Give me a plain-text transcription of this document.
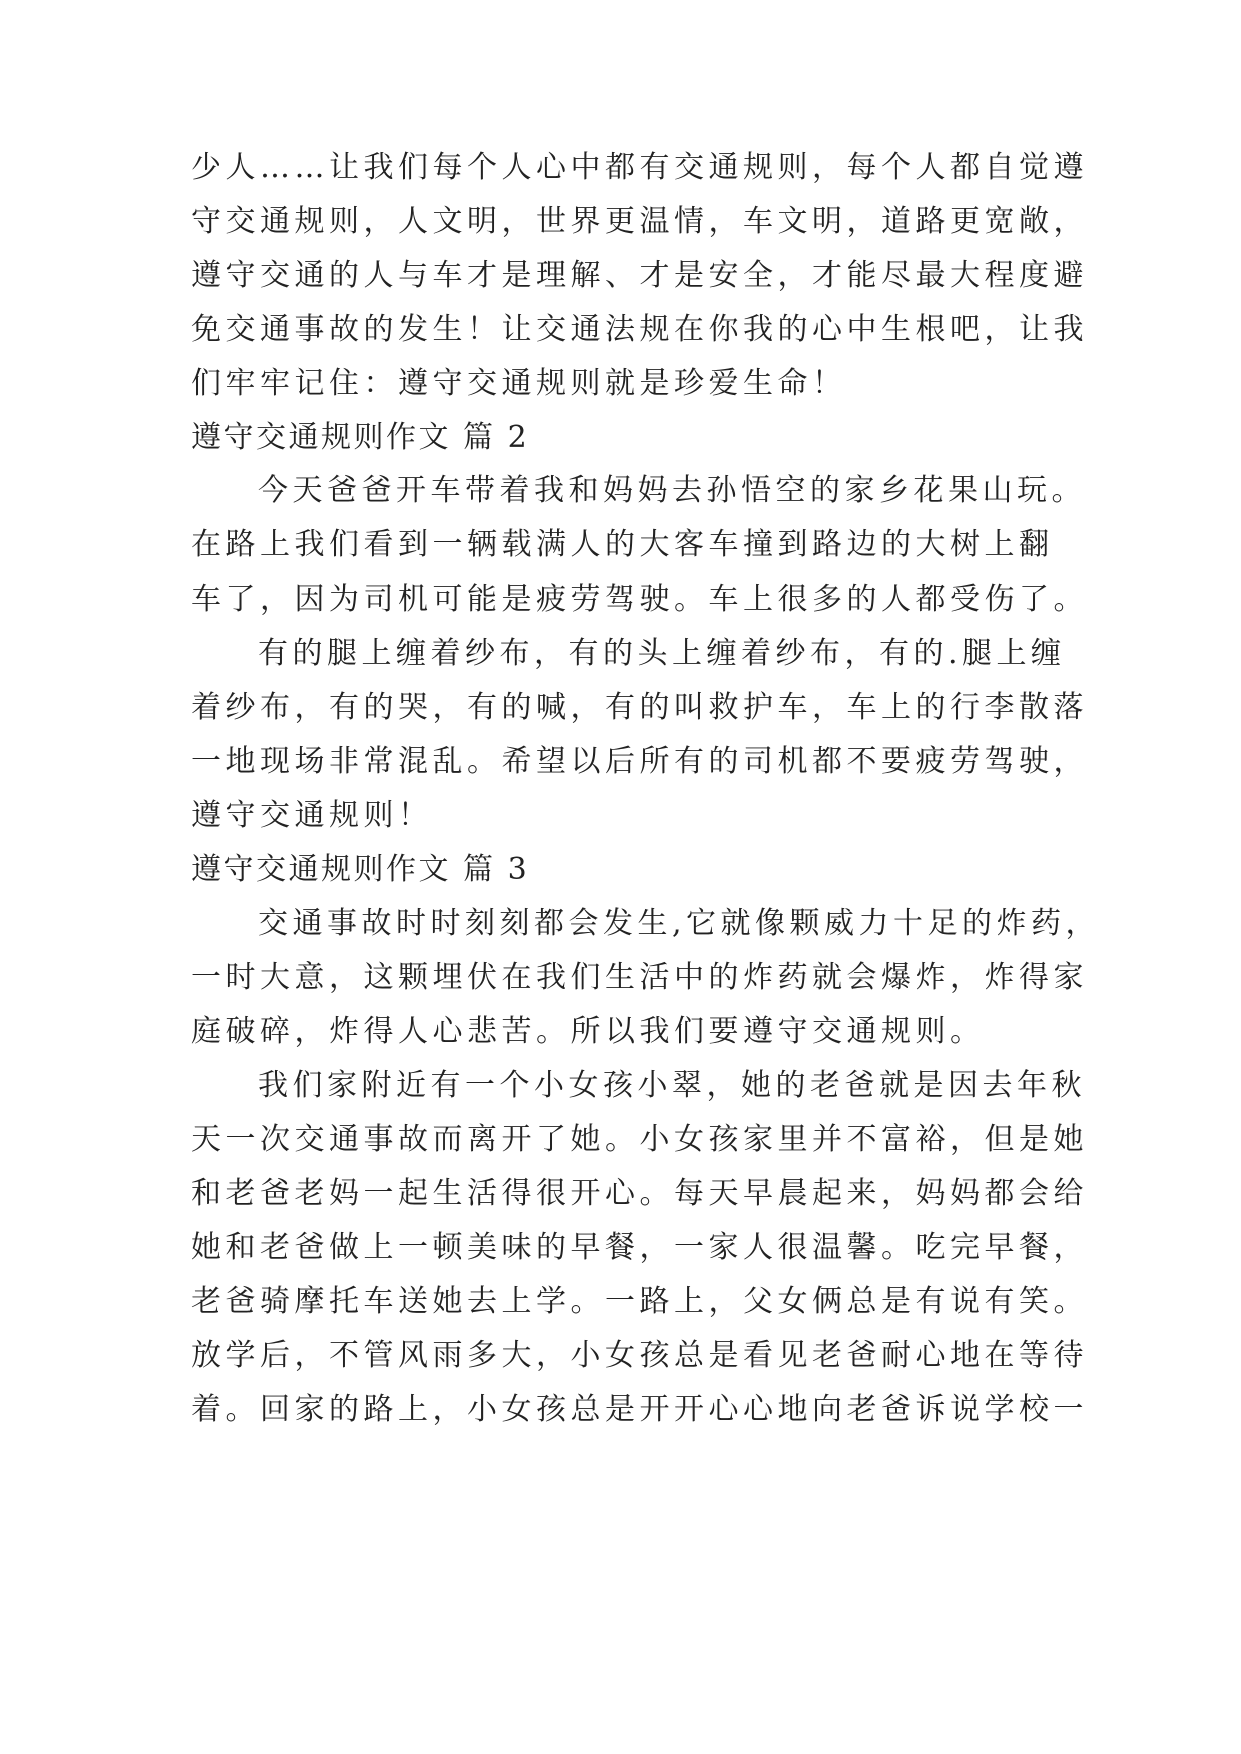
少人……让我们每个人心中都有交通规则，每个人都自觉遵
守交通规则，人文明，世界更温情，车文明，道路更宽敞，
遵守交通的人与车才是理解、才是安全，才能尽最大程度避
免交通事故的发生！让交通法规在你我的心中生根吧，让我
们牢牢记住：遵守交通规则就是珍爱生命！
遵守交通规则作文 篇 2
今天爸爸开车带着我和妈妈去孙悟空的家乡花果山玩。
在路上我们看到一辆载满人的大客车撞到路边的大树上翻
车了，因为司机可能是疲劳驾驶。车上很多的人都受伤了。
有的腿上缠着纱布，有的头上缠着纱布，有的.腿上缠
着纱布，有的哭，有的喊，有的叫救护车，车上的行李散落
一地现场非常混乱。希望以后所有的司机都不要疲劳驾驶，
遵守交通规则！
遵守交通规则作文 篇 3
交通事故时时刻刻都会发生,它就像颗威力十足的炸药，
一时大意，这颗埋伏在我们生活中的炸药就会爆炸，炸得家
庭破碎，炸得人心悲苦。所以我们要遵守交通规则。
我们家附近有一个小女孩小翠，她的老爸就是因去年秋
天一次交通事故而离开了她。小女孩家里并不富裕，但是她
和老爸老妈一起生活得很开心。每天早晨起来，妈妈都会给
她和老爸做上一顿美味的早餐，一家人很温馨。吃完早餐，
老爸骑摩托车送她去上学。一路上，父女俩总是有说有笑。
放学后，不管风雨多大，小女孩总是看见老爸耐心地在等待
着。回家的路上，小女孩总是开开心心地向老爸诉说学校一
